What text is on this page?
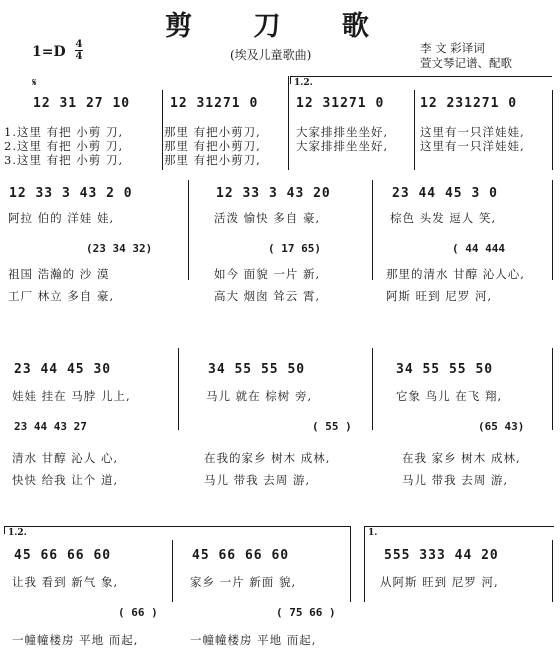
剪 刀 歌
1=D 4
4	(埃及儿童歌曲)	李 文 彩译词
萱文琴记谱、配歌
𝄋	1.2.
12 31 27 10	12 31271 0	12 31271 0	12 231271 0
1.这里 有把 小剪 刀,	那里 有把小剪刀,	大家排排坐坐好,	这里有一只洋娃娃,
2.这里 有把 小剪 刀,	那里 有把小剪刀,	大家排排坐坐好,	这里有一只洋娃娃,
3.这里 有把 小剪 刀,	那里 有把小剪刀,
12 33 3 43 2 0	12 33 3 43 20	23 44 45 3 0
阿拉 伯的 洋娃 娃,	活泼 愉快 多自 豪,	棕色 头发 逗人 笑,
(23 34 32)	( 17 65)	( 44 444
祖国 浩瀚的 沙 漠	如今 面貌 一片 新,	那里的清水 甘醇 沁人心,
工厂 林立 多自 豪,	高大 烟囱 耸云 霄,	阿斯 旺到 尼罗 河,
23 44 45 30	34 55 55 50	34 55 55 50
娃娃 挂在 马脖 儿上,	马儿 就在 棕树 旁,	它象 鸟儿 在飞 翔,
23 44 43 27	( 55 )	(65 43)
清水 甘醇 沁人 心,	在我的家乡 树木 成林,	在我 家乡 树木 成林,
快快 给我 让个 道,	马儿 带我 去周 游,	马儿 带我 去周 游,
1.2.	1.
45 66 66 60	45 66 66 60	555 333 44 20
让我 看到 新气 象,	家乡 一片 新面 貌,	从阿斯 旺到 尼罗 河,
( 66 )	( 75 66 )
一幢幢楼房 平地 而起,	一幢幢楼房 平地 而起,
